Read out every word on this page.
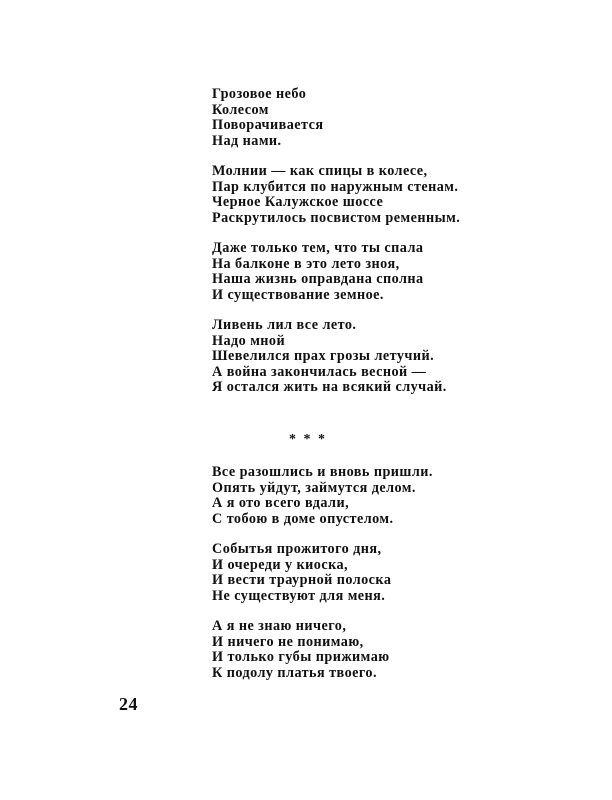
Грозовое небо
Колесом
Поворачивается
Над нами.
Молнии — как спицы в колесе,
Пар клубится по наружным стенам.
Черное Калужское шоссе
Раскрутилось посвистом ременным.
Даже только тем, что ты спала
На балконе в это лето зноя,
Наша жизнь оправдана сполна
И существование земное.
Ливень лил все лето.
Надо мной
Шевелился прах грозы летучий.
А война закончилась весной —
Я остался жить на всякий случай.
* * *
Все разошлись и вновь пришли.
Опять уйдут, займутся делом.
А я ото всего вдали,
С тобою в доме опустелом.
Событья прожитого дня,
И очереди у киоска,
И вести траурной полоска
Не существуют для меня.
А я не знаю ничего,
И ничего не понимаю,
И только губы прижимаю
К подолу платья твоего.
24
